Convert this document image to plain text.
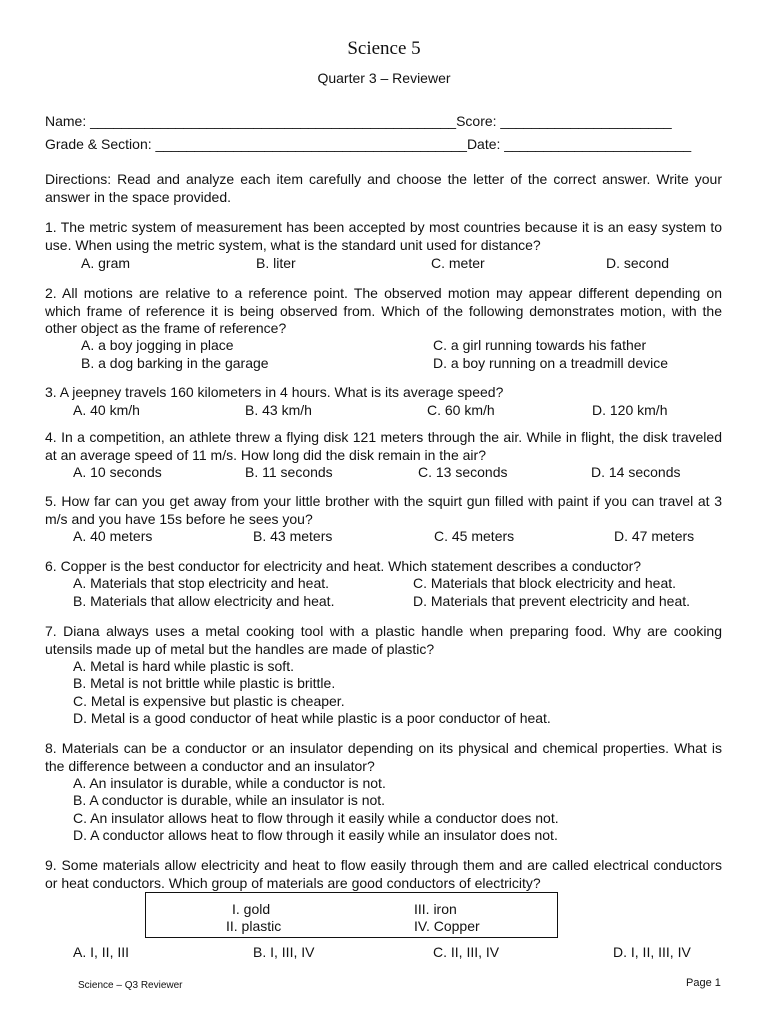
Science 5
Quarter 3 – Reviewer
Name: _______________________________________________Score: ______________________
Grade & Section: ________________________________________Date: ________________________
Directions: Read and analyze each item carefully and choose the letter of the correct answer. Write your answer in the space provided.
1. The metric system of measurement has been accepted by most countries because it is an easy system to use. When using the metric system, what is the standard unit used for distance?
A. gram	B. liter	C. meter	D. second
2. All motions are relative to a reference point. The observed motion may appear different depending on which frame of reference it is being observed from. Which of the following demonstrates motion, with the other object as the frame of reference?
A. a boy jogging in place
B. a dog barking in the garage
C. a girl running towards his father
D. a boy running on a treadmill device
3. A jeepney travels 160 kilometers in 4 hours. What is its average speed?
A. 40 km/h	B. 43 km/h	C. 60 km/h	D. 120 km/h
4. In a competition, an athlete threw a flying disk 121 meters through the air. While in flight, the disk traveled at an average speed of 11 m/s. How long did the disk remain in the air?
A. 10 seconds	B. 11 seconds	C. 13 seconds	D. 14 seconds
5. How far can you get away from your little brother with the squirt gun filled with paint if you can travel at 3 m/s and you have 15s before he sees you?
A. 40 meters	B. 43 meters	C. 45 meters	D. 47 meters
6. Copper is the best conductor for electricity and heat. Which statement describes a conductor?
A. Materials that stop electricity and heat.
B. Materials that allow electricity and heat.
C. Materials that block electricity and heat.
D. Materials that prevent electricity and heat.
7. Diana always uses a metal cooking tool with a plastic handle when preparing food. Why are cooking utensils made up of metal but the handles are made of plastic?
A. Metal is hard while plastic is soft.
B. Metal is not brittle while plastic is brittle.
C. Metal is expensive but plastic is cheaper.
D. Metal is a good conductor of heat while plastic is a poor conductor of heat.
8. Materials can be a conductor or an insulator depending on its physical and chemical properties. What is the difference between a conductor and an insulator?
A. An insulator is durable, while a conductor is not.
B. A conductor is durable, while an insulator is not.
C. An insulator allows heat to flow through it easily while a conductor does not.
D. A conductor allows heat to flow through it easily while an insulator does not.
9. Some materials allow electricity and heat to flow easily through them and are called electrical conductors or heat conductors. Which group of materials are good conductors of electricity?
I. gold
II. plastic
III. iron
IV. Copper
A. I, II, III	B. I, III, IV	C. II, III, IV	D. I, II, III, IV
Science – Q3 Reviewer	Page 1
